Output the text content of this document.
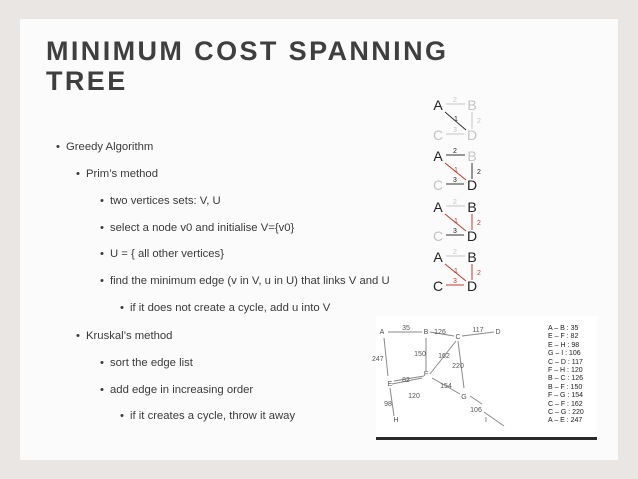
MINIMUM COST SPANNING
TREE
• Greedy Algorithm
• Prim’s method
• two vertices sets: V, U
• select a node v0 and initialise V={v0}
• U = { all other vertices}
• find the minimum edge (v in V, u in U) that links V and U
• if it does not create a cycle, add u into V
• Kruskal’s method
• sort the edge list
• add edge in increasing order
• if it creates a cycle, throw it away
A B
C D
2
1	2
3
A B
C D
2
1	2
3
A B
C D
2
1	2
3
A B
C D
2
1	2
3
A	B
C
D
E
F
G
H	I
35
126	117
247
150 162
220
82
154
120
98
106
A – B : 35
E – F : 82
E – H : 98
G – I : 106
C – D : 117
F – H : 120
B – C : 126
B – F : 150
F – G : 154
C – F : 162
C – G : 220
A – E : 247
